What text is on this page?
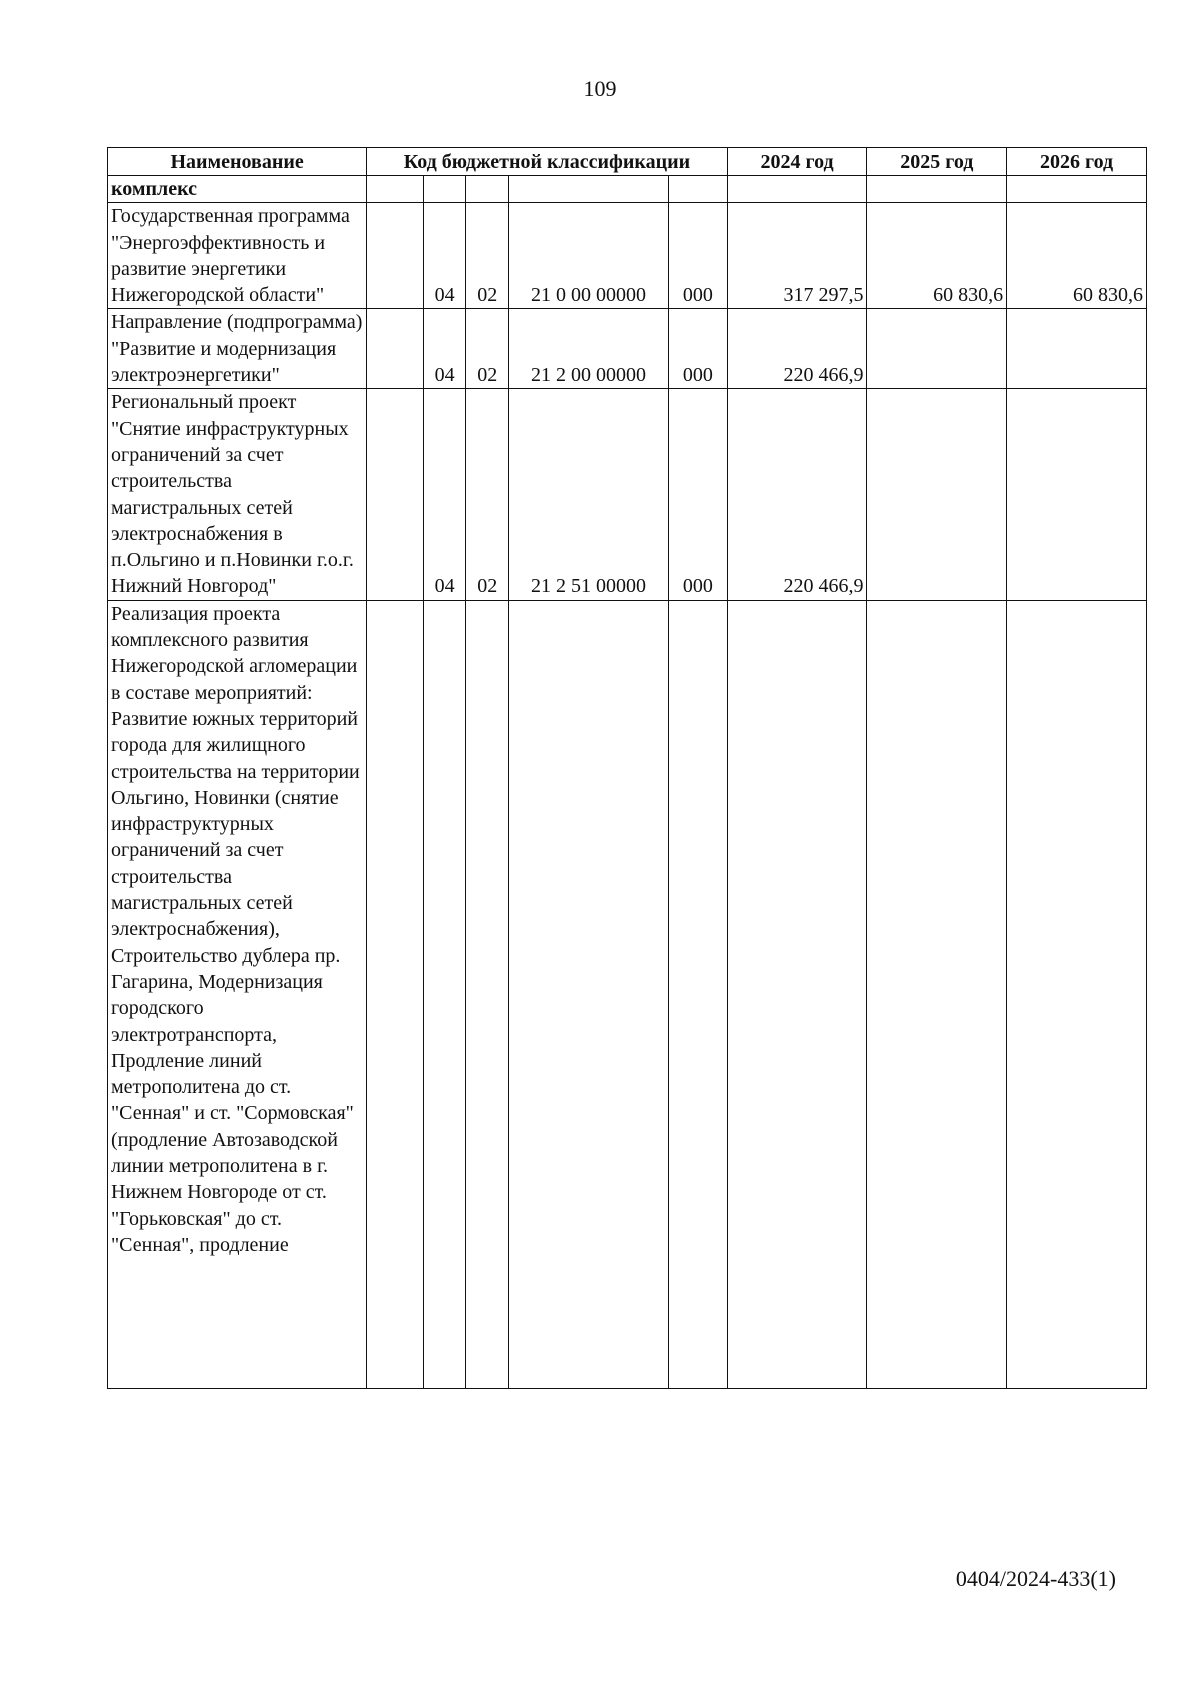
109
Наименование	Код бюджетной классификации					2024 год	2025 год	2026 год
комплекс								
Государственная программа "Энергоэффективность и развитие энергетики Нижегородской области"		04	02	21 0 00 00000	000	317 297,5	60 830,6	60 830,6
Направление (подпрограмма) "Развитие и модернизация электроэнергетики"		04	02	21 2 00 00000	000	220 466,9		
Региональный проект "Снятие инфраструктурных ограничений за счет строительства магистральных сетей электроснабжения в п.Ольгино и п.Новинки г.о.г. Нижний Новгород"		04	02	21 2 51 00000	000	220 466,9		
Реализация проекта комплексного развития Нижегородской агломерации в составе мероприятий: Развитие южных территорий города для жилищного строительства на территории Ольгино, Новинки (снятие инфраструктурных ограничений за счет строительства магистральных сетей электроснабжения), Строительство дублера пр. Гагарина, Модернизация городского электротранспорта, Продление линий метрополитена до ст. "Сенная" и ст. "Сормовская" (продление Автозаводской линии метрополитена в г. Нижнем Новгороде от ст. "Горьковская" до ст. "Сенная", продление								
0404/2024-433(1)
